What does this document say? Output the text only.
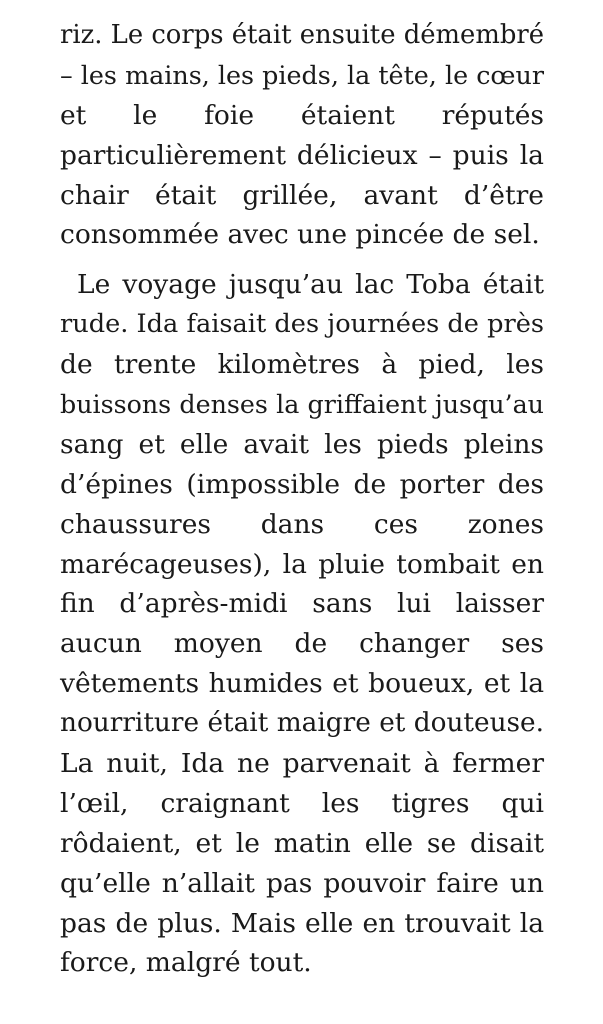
riz. Le corps était ensuite démembré
– les mains, les pieds, la tête, le cœur
et le foie étaient réputés
particulièrement délicieux – puis la
chair était grillée, avant d’être
consommée avec une pincée de sel.
Le voyage jusqu’au lac Toba était
rude. Ida faisait des journées de près
de trente kilomètres à pied, les
buissons denses la griffaient jusqu’au
sang et elle avait les pieds pleins
d’épines (impossible de porter des
chaussures dans ces zones
marécageuses), la pluie tombait en
fin d’après-midi sans lui laisser
aucun moyen de changer ses
vêtements humides et boueux, et la
nourriture était maigre et douteuse.
La nuit, Ida ne parvenait à fermer
l’œil, craignant les tigres qui
rôdaient, et le matin elle se disait
qu’elle n’allait pas pouvoir faire un
pas de plus. Mais elle en trouvait la
force, malgré tout.
